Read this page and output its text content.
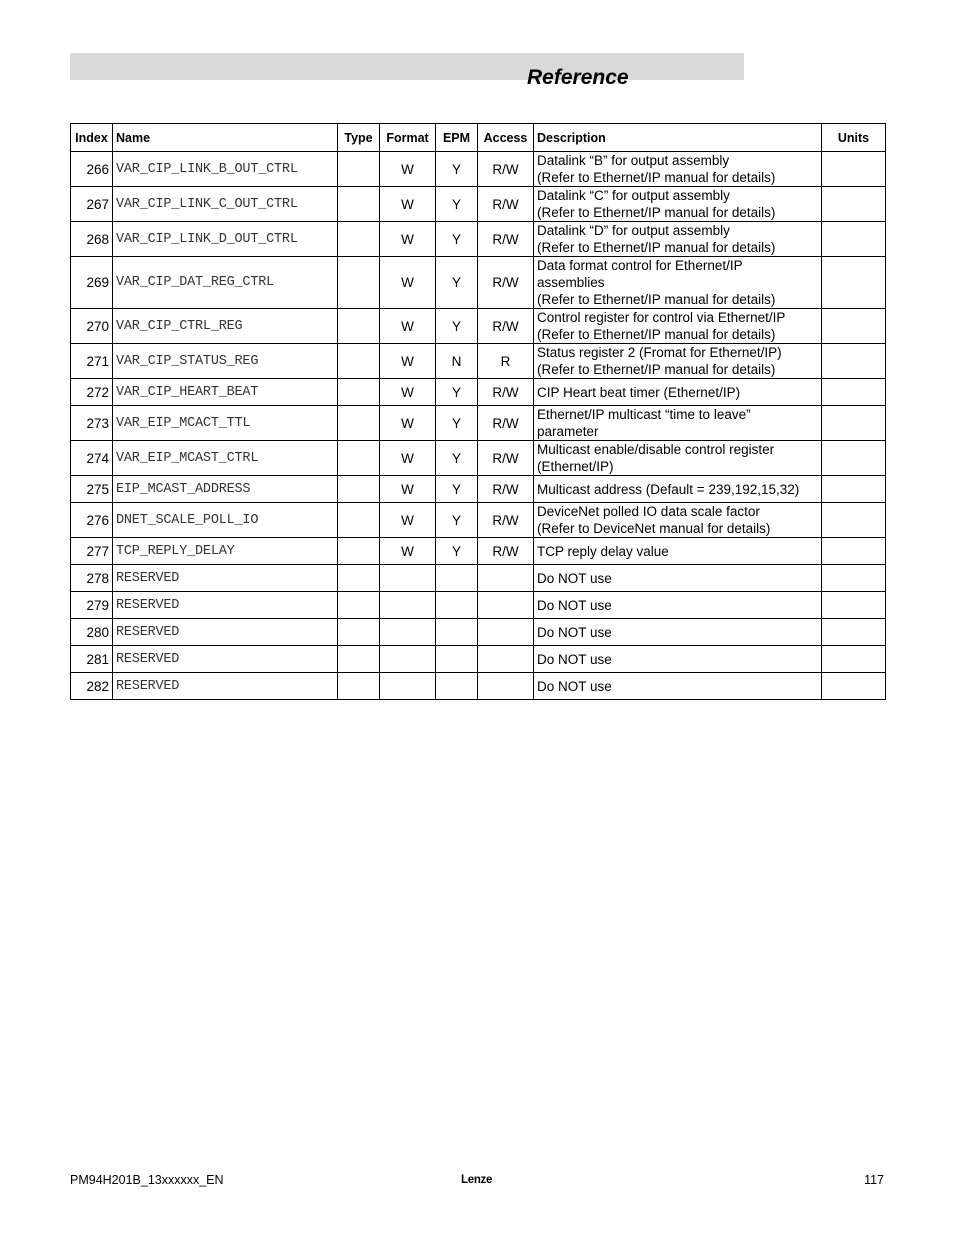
Reference
Index	Name	Type	Format	EPM	Access	Description	Units
266	VAR_CIP_LINK_B_OUT_CTRL		W	Y	R/W	Datalink “B” for output assembly
(Refer to Ethernet/IP manual for details)	

267	VAR_CIP_LINK_C_OUT_CTRL		W	Y	R/W	Datalink “C” for output assembly
(Refer to Ethernet/IP manual for details)	

268	VAR_CIP_LINK_D_OUT_CTRL		W	Y	R/W	Datalink “D” for output assembly
(Refer to Ethernet/IP manual for details)	

269	VAR_CIP_DAT_REG_CTRL		W	Y	R/W	Data format control for Ethernet/IP
assemblies
(Refer to Ethernet/IP manual for details)	

270	VAR_CIP_CTRL_REG		W	Y	R/W	Control register for control via Ethernet/IP
(Refer to Ethernet/IP manual for details)	

271	VAR_CIP_STATUS_REG		W	N	R	Status register 2 (Fromat for Ethernet/IP)
(Refer to Ethernet/IP manual for details)	

272	VAR_CIP_HEART_BEAT		W	Y	R/W	CIP Heart beat timer (Ethernet/IP)	

273	VAR_EIP_MCACT_TTL		W	Y	R/W	Ethernet/IP multicast “time to leave”
parameter	

274	VAR_EIP_MCAST_CTRL		W	Y	R/W	Multicast enable/disable control register
(Ethernet/IP)	

275	EIP_MCAST_ADDRESS		W	Y	R/W	Multicast address (Default = 239,192,15,32)	

276	DNET_SCALE_POLL_IO		W	Y	R/W	DeviceNet polled IO data scale factor
(Refer to DeviceNet manual for details)	

277	TCP_REPLY_DELAY		W	Y	R/W	TCP reply delay value	

278	RESERVED					Do NOT use	

279	RESERVED					Do NOT use	

280	RESERVED					Do NOT use	

281	RESERVED					Do NOT use	

282	RESERVED					Do NOT use	

PM94H201B_13xxxxxx_EN	Lenze	117
